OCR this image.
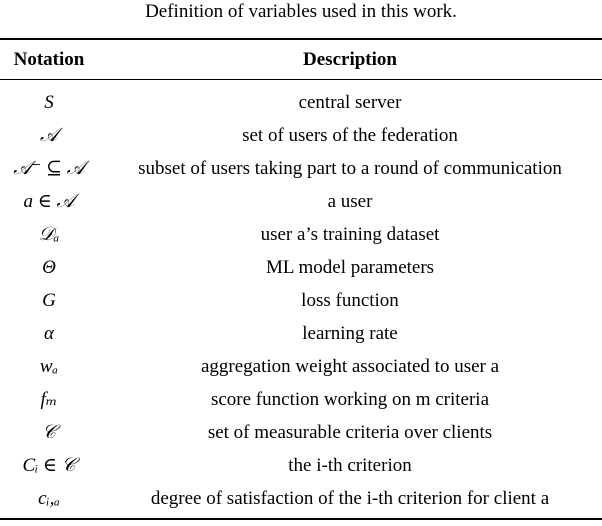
Definition of variables used in this work.
Notation	Description
S	central server
𝒜	set of users of the federation
𝒜⁻ ⊆ 𝒜	subset of users taking part to a round of communication
a ∈ 𝒜	a user
𝒟ₐ	user a’s training dataset
Θ	ML model parameters
G	loss function
α	learning rate
wₐ	aggregation weight associated to user a
fₘ	score function working on m criteria
𝒞	set of measurable criteria over clients
Cᵢ ∈ 𝒞	the i-th criterion
cᵢ,ₐ	degree of satisfaction of the i-th criterion for client a
